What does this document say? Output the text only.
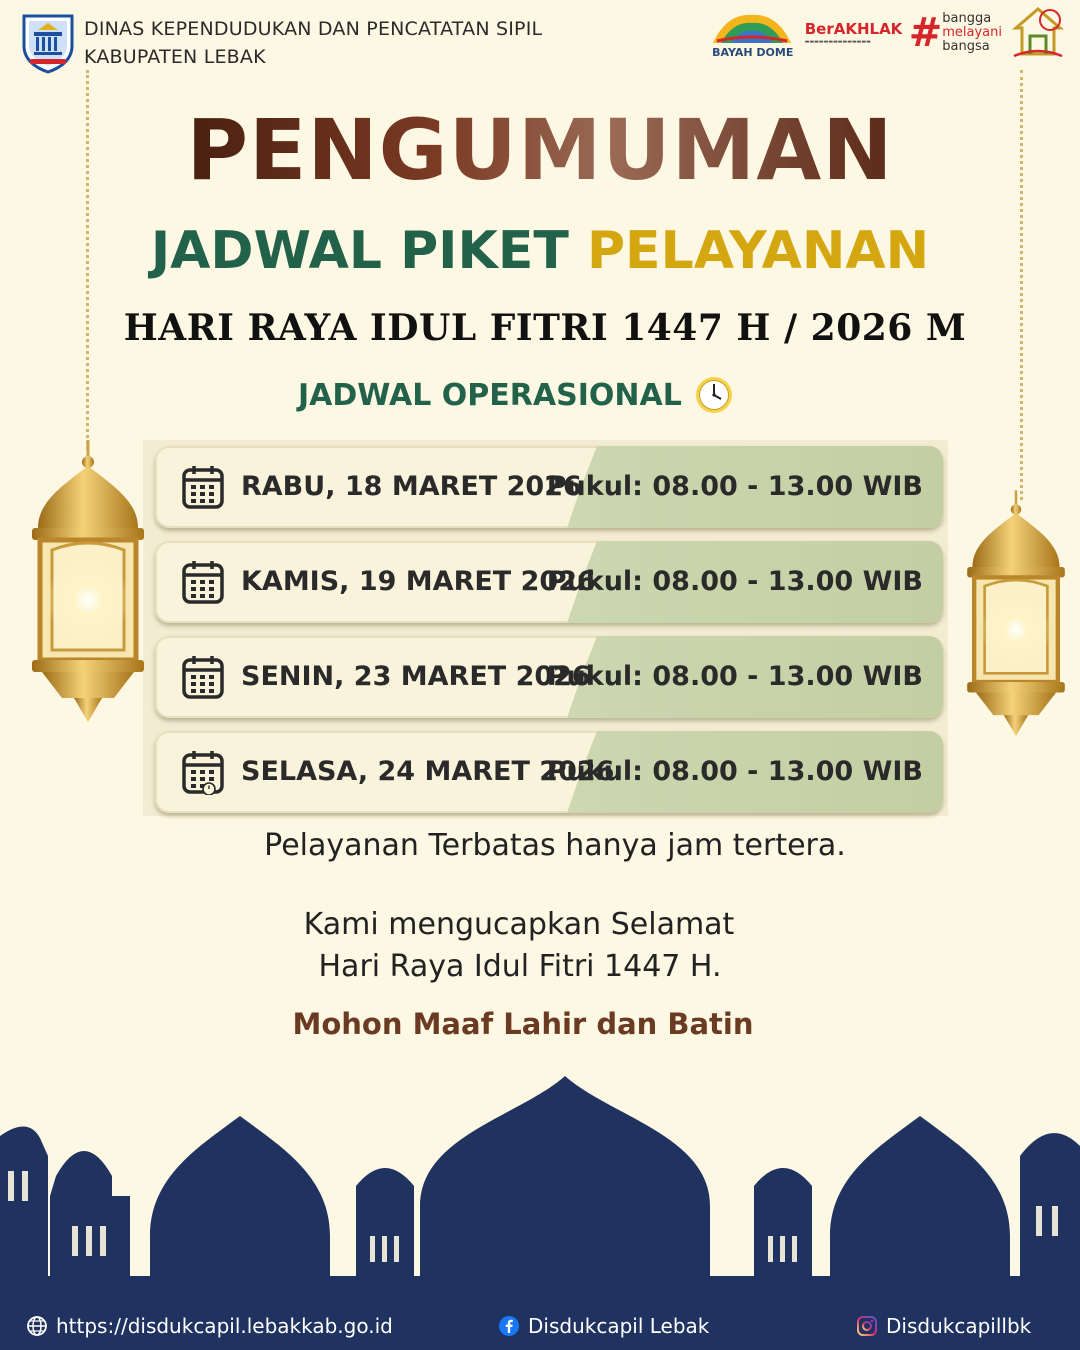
DINAS KEPENDUDUKAN DAN PENCATATAN SIPIL
KABUPATEN LEBAK	BAYAH DOME
BerAKHLAK
▬▬▬▬▬▬▬▬▬▬▬▬▬▬ # bangga
melayani
bangsa
PENGUMUMAN
JADWAL PIKET PELAYANAN
HARI RAYA IDUL FITRI 1447 H / 2026 M
JADWAL OPERASIONAL
RABU, 18 MARET 2026
Pukul: 08.00 - 13.00 WIB
KAMIS, 19 MARET 2026
Pukul: 08.00 - 13.00 WIB
SENIN, 23 MARET 2026
Pukul: 08.00 - 13.00 WIB
SELASA, 24 MARET 2026
Pukul: 08.00 - 13.00 WIB
Pelayanan Terbatas hanya jam tertera.
Kami mengucapkan Selamat
Hari Raya Idul Fitri 1447 H.
Mohon Maaf Lahir dan Batin
https://disdukcapil.lebakkab.go.id	Disdukcapil Lebak	Disdukcapillbk
